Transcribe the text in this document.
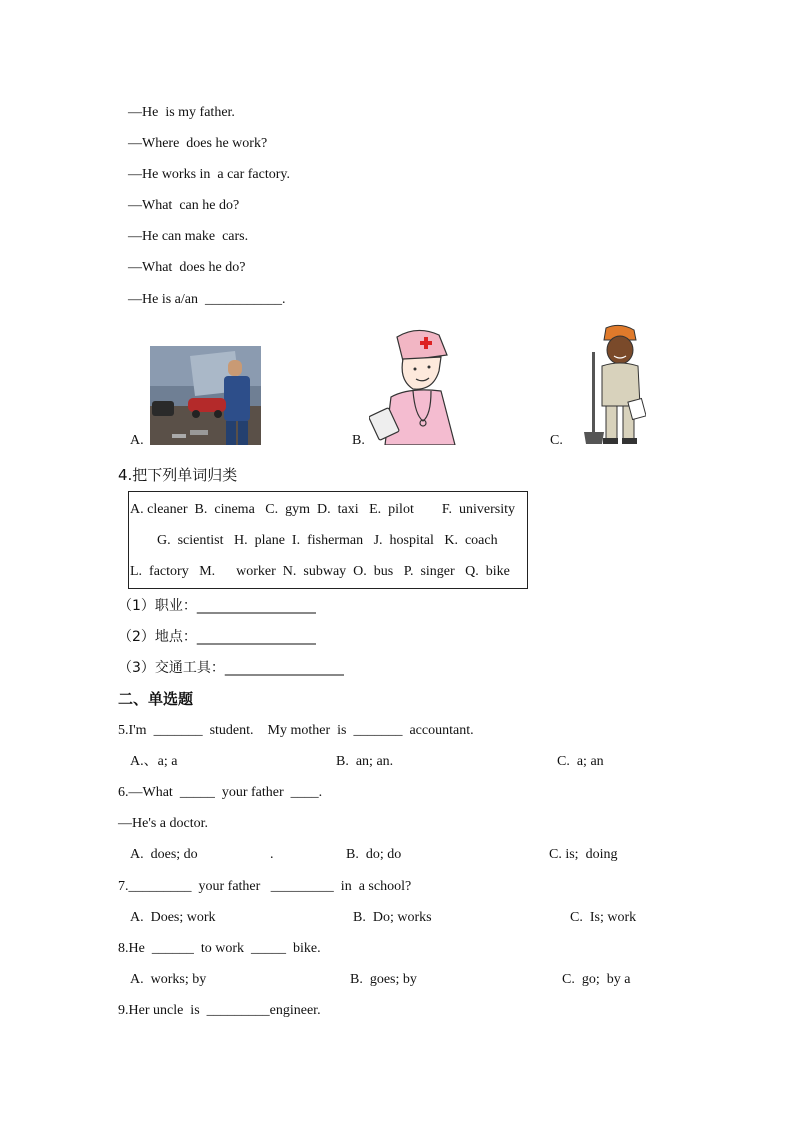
—He  is my father.
—Where  does he work?
—He works in  a car factory.
—What  can he do?
—He can make  cars.
—What  does he do?
—He is a/an  ___________.
A.	B.	C.
4.把下列单词归类
A. cleaner  B.  cinema   C.  gym  D.  taxi   E.  pilot        F.  university
G.  scientist   H.  plane  I.  fisherman   J.  hospital   K.  coach
L.  factory   M.      worker  N.  subway  O.  bus   P.  singer   Q.  bike
（1）职业：_________________
（2）地点：_________________
（3）交通工具：_________________
二、单选题
5.I'm  _______  student.    My mother  is  _______  accountant.
A.、a; a	B.  an; an.	C.  a; an
6.—What  _____  your father  ____.
—He's a doctor.
A.  does; do	.	B.  do; do	C. is;  doing
7._________  your father   _________  in  a school?
A.  Does; work	B.  Do; works	C.  Is; work
8.He  ______  to work  _____  bike.
A.  works; by	B.  goes; by	C.  go;  by a
9.Her uncle  is  _________engineer.
